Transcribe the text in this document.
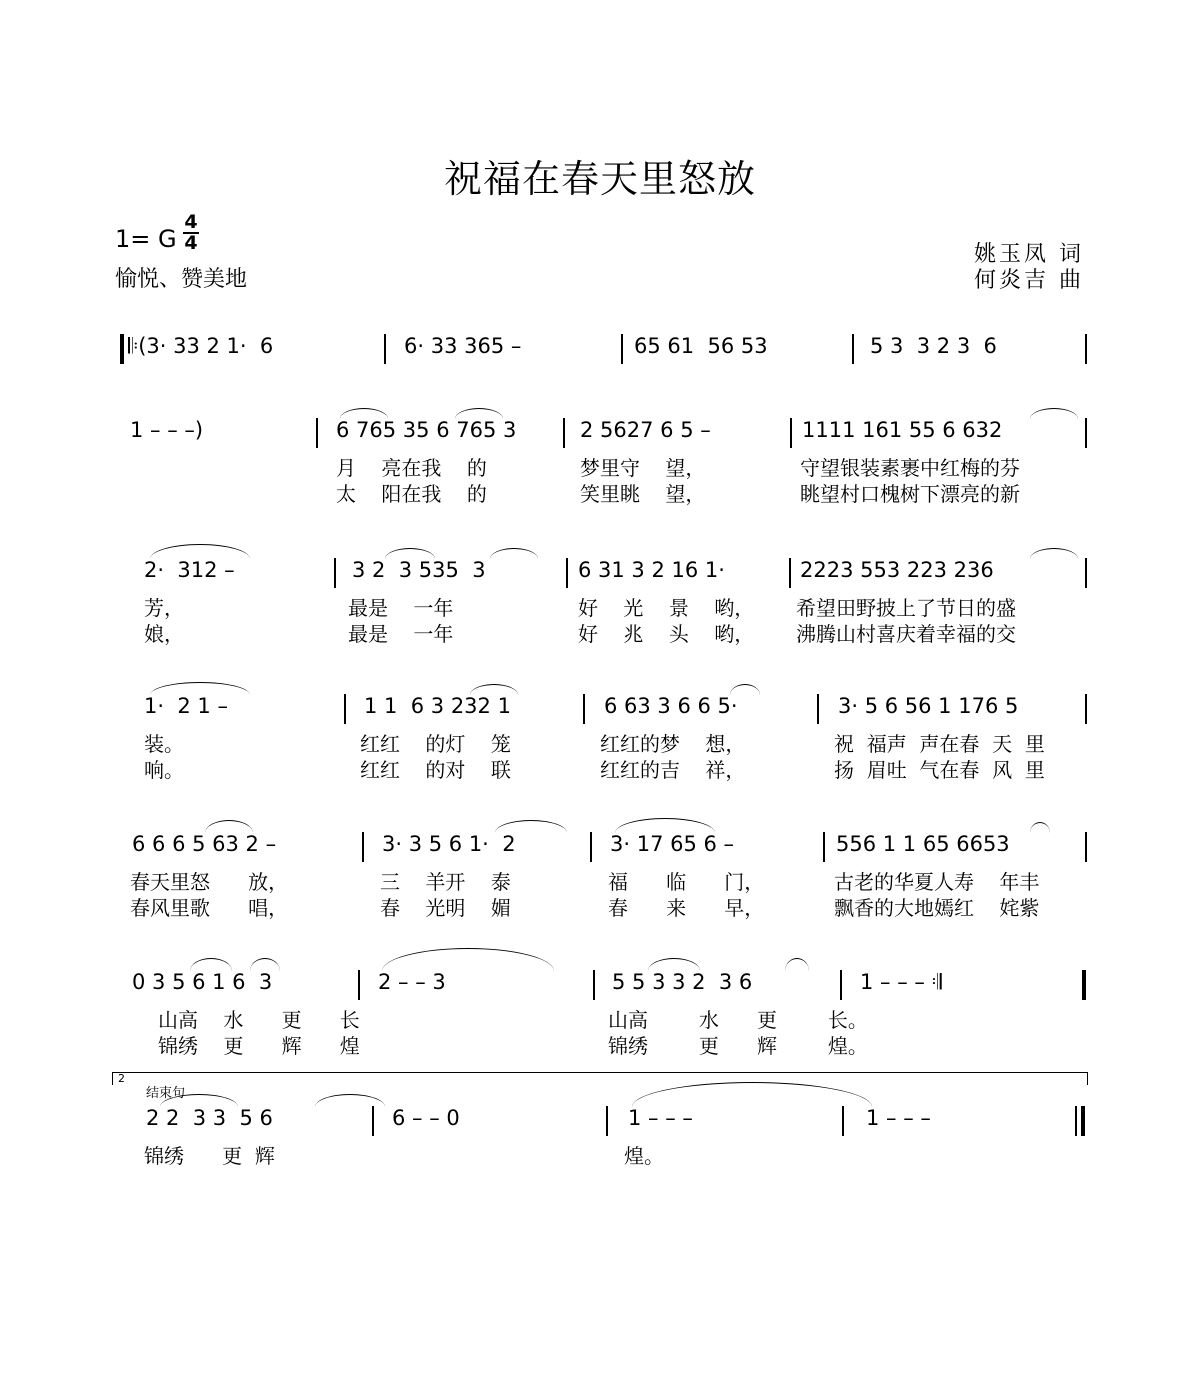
祝福在春天里怒放
1= G
4
4
愉悦、赞美地
姚玉凤 词
何炎吉 曲
𝄆(3· 33 2 1·  6	6· 33 365 –	65 61  56 53	5 3  3 2 3  6
1 – – –)	6 765 35 6 765 3	2 5627 6 5 –	1111 161 55 6 632
月    亮在我    的	梦里守    望，	守望银装素裹中红梅的芬
太    阳在我    的	笑里眺    望，	眺望村口槐树下漂亮的新
2·  312 –	3 2  3 535  3	6 31 3 2 16 1·	2223 553 223 236
芳，	最是    一年	好    光    景    哟， 希望田野披上了节日的盛
娘，	最是    一年	好    兆    头    哟， 沸腾山村喜庆着幸福的交
1·  2 1 –	1 1  6 3 232 1	6 63 3 6 6 5·	3· 5 6 56 1 176 5
装。	红红    的灯    笼	红红的梦    想，	祝  福声  声在春  天  里
响。	红红    的对    联	红红的吉    祥，	扬  眉吐  气在春  风  里
6 6 6 5 63 2 –	3· 3 5 6 1·  2	3· 17 65 6 –	556 1 1 65 6653
春天里怒      放，	三    羊开    泰	福      临      门，	古老的华夏人寿    年丰
春风里歌      唱，	春    光明    媚	春      来      早，	飘香的大地嫣红    姹紫
0 3 5 6 1 6  3	2 – – 3	5 5 3 3 2  3 6	1 – – – 𝄇
山高    水      更      长	山高        水      更        长。
锦绣    更      辉      煌	锦绣        更      辉        煌。
2
结束句
2 2  3 3  5 6	6 – – 0	1 – – –	1 – – –
锦绣      更  辉	煌。
